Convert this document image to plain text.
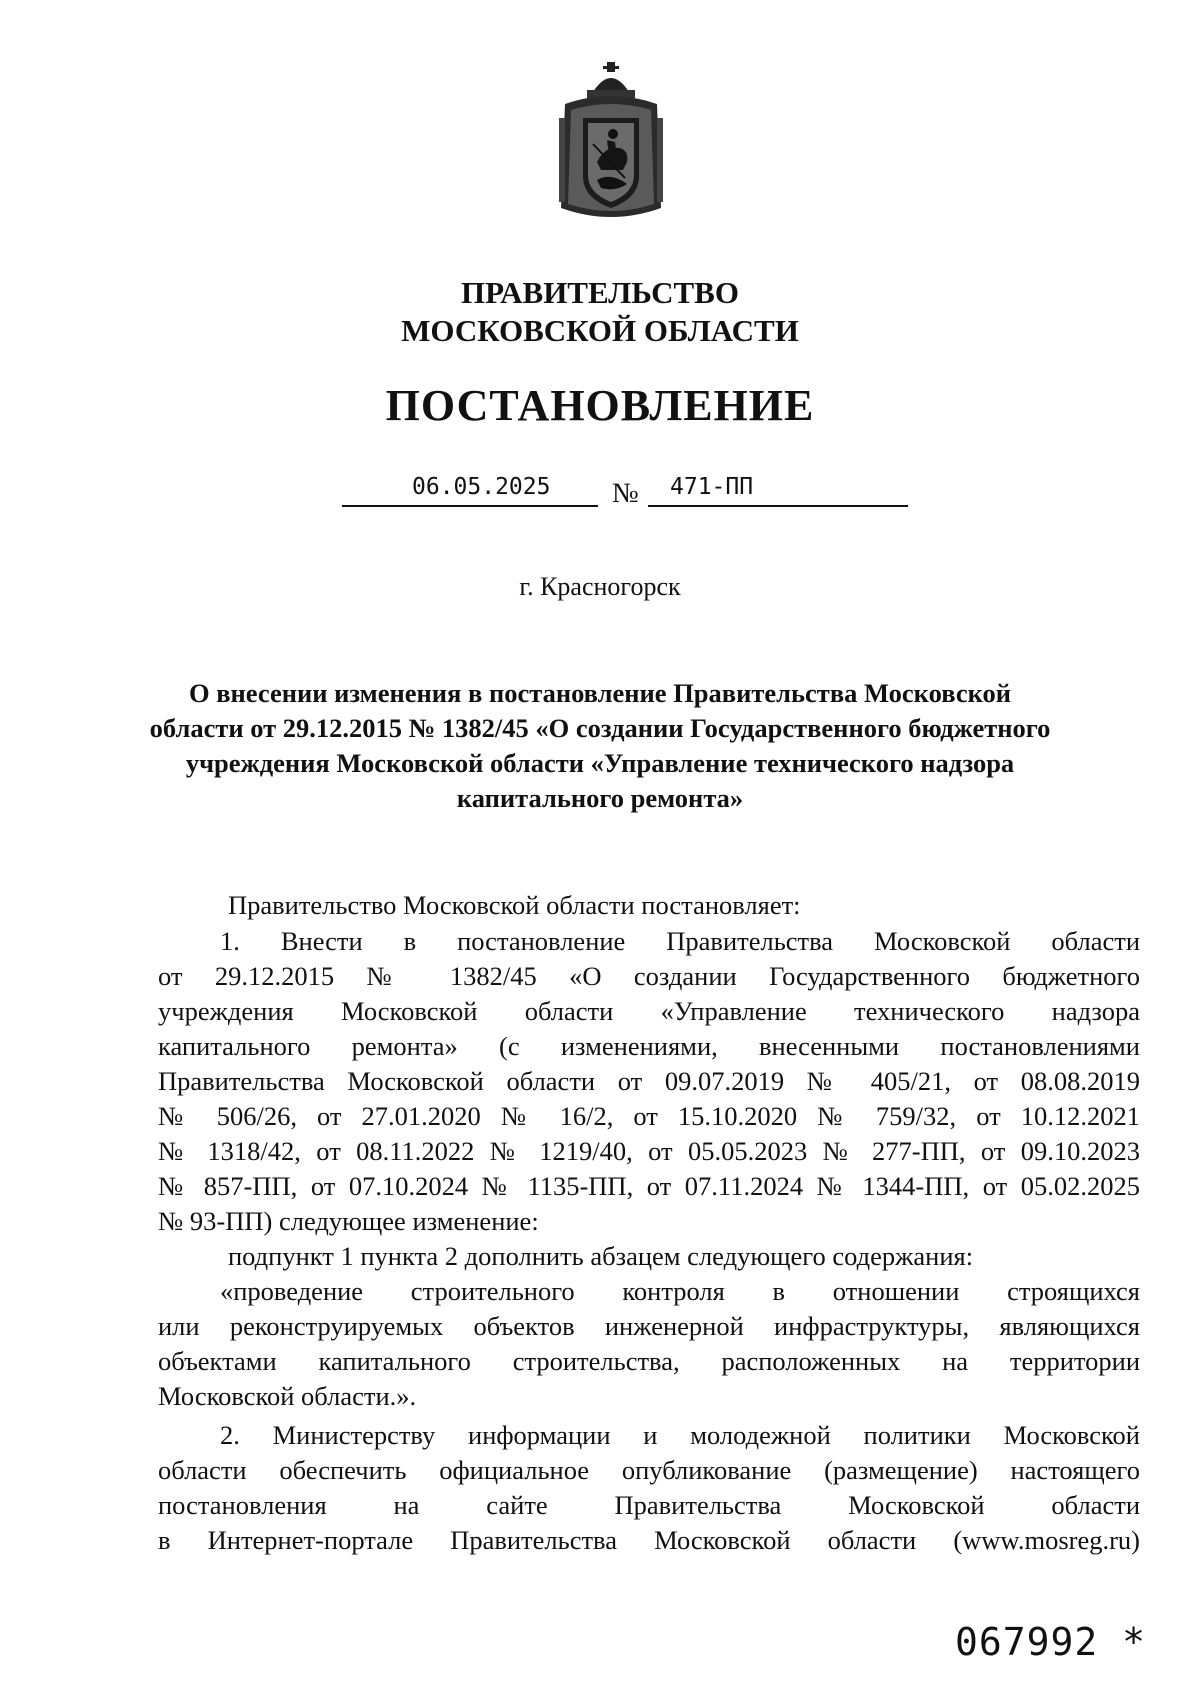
ПРАВИТЕЛЬСТВО
МОСКОВСКОЙ ОБЛАСТИ
ПОСТАНОВЛЕНИЕ
06.05.2025 № 471-ПП
г. Красногорск
О внесении изменения в постановление Правительства Московской
области от 29.12.2015 № 1382/45 «О создании Государственного бюджетного
учреждения Московской области «Управление технического надзора
капитального ремонта»
Правительство Московской области постановляет:
1. Внести в постановление Правительства Московской области
от 29.12.2015 № 1382/45 «О создании Государственного бюджетного
учреждения Московской области «Управление технического надзора
капитального ремонта» (с изменениями, внесенными постановлениями
Правительства Московской области от 09.07.2019 № 405/21, от 08.08.2019
№ 506/26, от 27.01.2020 № 16/2, от 15.10.2020 № 759/32, от 10.12.2021
№ 1318/42, от 08.11.2022 № 1219/40, от 05.05.2023 № 277-ПП, от 09.10.2023
№ 857-ПП, от 07.10.2024 № 1135-ПП, от 07.11.2024 № 1344-ПП, от 05.02.2025
№ 93-ПП) следующее изменение:
подпункт 1 пункта 2 дополнить абзацем следующего содержания:
«проведение строительного контроля в отношении строящихся
или реконструируемых объектов инженерной инфраструктуры, являющихся
объектами капитального строительства, расположенных на территории
Московской области.».
2. Министерству информации и молодежной политики Московской
области обеспечить официальное опубликование (размещение) настоящего
постановления на сайте Правительства Московской области
в Интернет-портале Правительства Московской области (www.mosreg.ru)
067992 *
